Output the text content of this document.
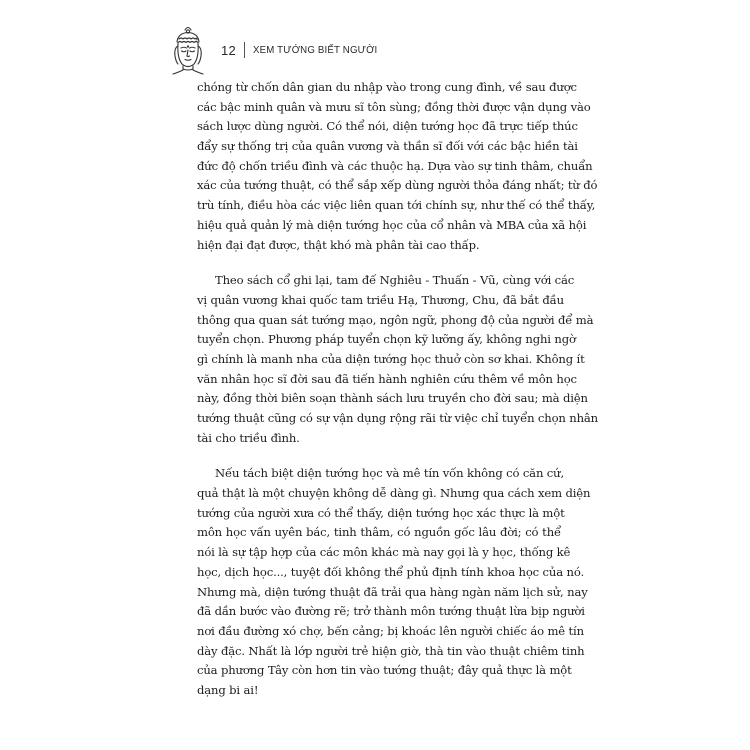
12 XEM TƯỚNG BIẾT NGƯỜI
chóng từ chốn dân gian du nhập vào trong cung đình, về sau được
các bậc minh quân và mưu sĩ tôn sùng; đồng thời được vận dụng vào
sách lược dùng người. Có thể nói, diện tướng học đã trực tiếp thúc
đẩy sự thống trị của quân vương và thần sĩ đối với các bậc hiền tài
đức độ chốn triều đình và các thuộc hạ. Dựa vào sự tinh thâm, chuẩn
xác của tướng thuật, có thể sắp xếp dùng người thỏa đáng nhất; từ đó
trù tính, điều hòa các việc liên quan tới chính sự, như thế có thể thấy,
hiệu quả quản lý mà diện tướng học của cổ nhân và MBA của xã hội
hiện đại đạt được, thật khó mà phân tài cao thấp.
Theo sách cổ ghi lại, tam đế Nghiêu - Thuấn - Vũ, cùng với các
vị quân vương khai quốc tam triều Hạ, Thương, Chu, đã bắt đầu
thông qua quan sát tướng mạo, ngôn ngữ, phong độ của người để mà
tuyển chọn. Phương pháp tuyển chọn kỹ lưỡng ấy, không nghi ngờ
gì chính là manh nha của diện tướng học thuở còn sơ khai. Không ít
văn nhân học sĩ đời sau đã tiến hành nghiên cứu thêm về môn học
này, đồng thời biên soạn thành sách lưu truyền cho đời sau; mà diện
tướng thuật cũng có sự vận dụng rộng rãi từ việc chỉ tuyển chọn nhân
tài cho triều đình.
Nếu tách biệt diện tướng học và mê tín vốn không có căn cứ,
quả thật là một chuyện không dễ dàng gì. Nhưng qua cách xem diện
tướng của người xưa có thể thấy, diện tướng học xác thực là một
môn học vấn uyên bác, tinh thâm, có nguồn gốc lâu đời; có thể
nói là sự tập hợp của các môn khác mà nay gọi là y học, thống kê
học, dịch học..., tuyệt đối không thể phủ định tính khoa học của nó.
Nhưng mà, diện tướng thuật đã trải qua hàng ngàn năm lịch sử, nay
đã dần bước vào đường rẽ; trở thành môn tướng thuật lừa bịp người
nơi đầu đường xó chợ, bến cảng; bị khoác lên người chiếc áo mê tín
dày đặc. Nhất là lớp người trẻ hiện giờ, thà tin vào thuật chiêm tinh
của phương Tây còn hơn tin vào tướng thuật; đây quả thực là một
dạng bi ai!
